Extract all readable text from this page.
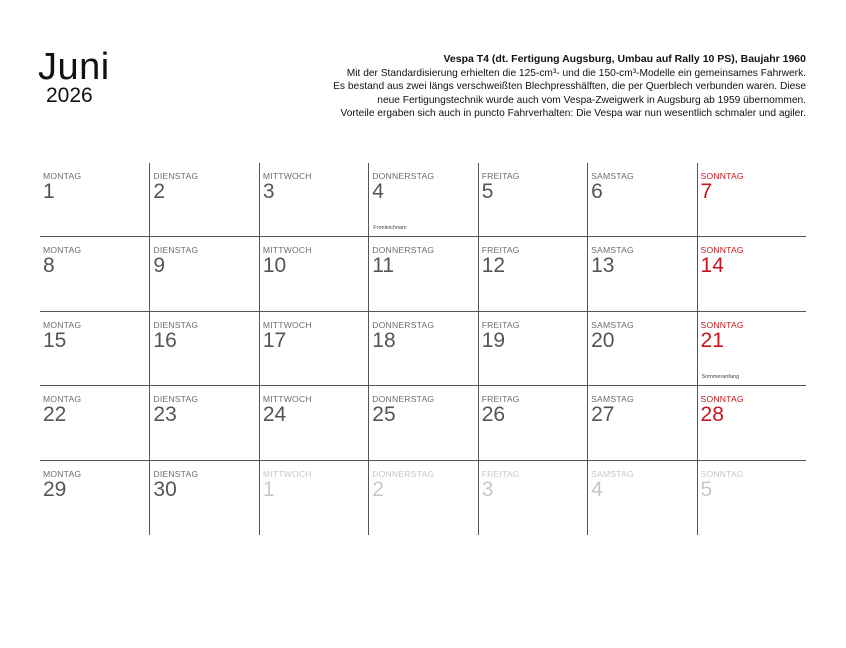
Juni
2026
Vespa T4 (dt. Fertigung Augsburg, Umbau auf Rally 10 PS), Baujahr 1960
Mit der Standardisierung erhielten die 125-cm³- und die 150-cm³-Modelle ein gemeinsames Fahrwerk.
Es bestand aus zwei längs verschweißten Blechpresshälften, die per Querblech verbunden waren. Diese
neue Fertigungstechnik wurde auch vom Vespa-Zweigwerk in Augsburg ab 1959 übernommen.
Vorteile ergaben sich auch in puncto Fahrverhalten: Die Vespa war nun wesentlich schmaler und agiler.
MONTAG
1
DIENSTAG
2
MITTWOCH
3
DONNERSTAG
4
Fronleichnam
FREITAG
5
SAMSTAG
6
SONNTAG
7
MONTAG
8
DIENSTAG
9
MITTWOCH
10
DONNERSTAG
11
FREITAG
12
SAMSTAG
13
SONNTAG
14
MONTAG
15
DIENSTAG
16
MITTWOCH
17
DONNERSTAG
18
FREITAG
19
SAMSTAG
20
SONNTAG
21
Sommeranfang
MONTAG
22
DIENSTAG
23
MITTWOCH
24
DONNERSTAG
25
FREITAG
26
SAMSTAG
27
SONNTAG
28
MONTAG
29
DIENSTAG
30
MITTWOCH
1
DONNERSTAG
2
FREITAG
3
SAMSTAG
4
SONNTAG
5
